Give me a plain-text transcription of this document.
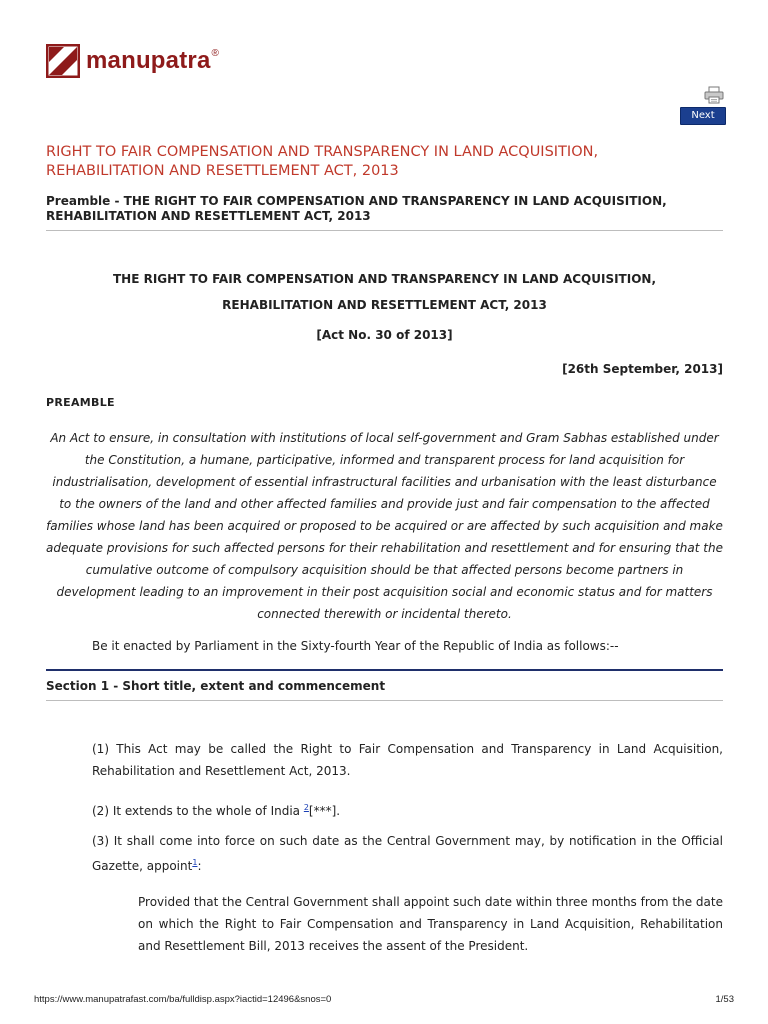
manupatra ®
Next
RIGHT TO FAIR COMPENSATION AND TRANSPARENCY IN LAND ACQUISITION, REHABILITATION AND RESETTLEMENT ACT, 2013
Preamble - THE RIGHT TO FAIR COMPENSATION AND TRANSPARENCY IN LAND ACQUISITION, REHABILITATION AND RESETTLEMENT ACT, 2013
THE RIGHT TO FAIR COMPENSATION AND TRANSPARENCY IN LAND ACQUISITION,
REHABILITATION AND RESETTLEMENT ACT, 2013
[Act No. 30 of 2013]
[26th September, 2013]
PREAMBLE

An Act to ensure, in consultation with institutions of local self-government and Gram Sabhas established under the Constitution, a humane, participative, informed and transparent process for land acquisition for industrialisation, development of essential infrastructural facilities and urbanisation with the least disturbance to the owners of the land and other affected families and provide just and fair compensation to the affected families whose land has been acquired or proposed to be acquired or are affected by such acquisition and make adequate provisions for such affected persons for their rehabilitation and resettlement and for ensuring that the cumulative outcome of compulsory acquisition should be that affected persons become partners in development leading to an improvement in their post acquisition social and economic status and for matters connected therewith or incidental thereto.

Be it enacted by Parliament in the Sixty-fourth Year of the Republic of India as follows:--
Section 1 - Short title, extent and commencement

(1) This Act may be called the Right to Fair Compensation and Transparency in Land Acquisition, Rehabilitation and Resettlement Act, 2013.

(2) It extends to the whole of India $^2$[***].

(3) It shall come into force on such date as the Central Government may, by notification in the Official Gazette, appoint$^1$:

Provided that the Central Government shall appoint such date within three months from the date on which the Right to Fair Compensation and Transparency in Land Acquisition, Rehabilitation and Resettlement Bill, 2013 receives the assent of the President.

https://www.manupatrafast.com/ba/fulldisp.aspx?iactid=12496&snos=0	1/53
